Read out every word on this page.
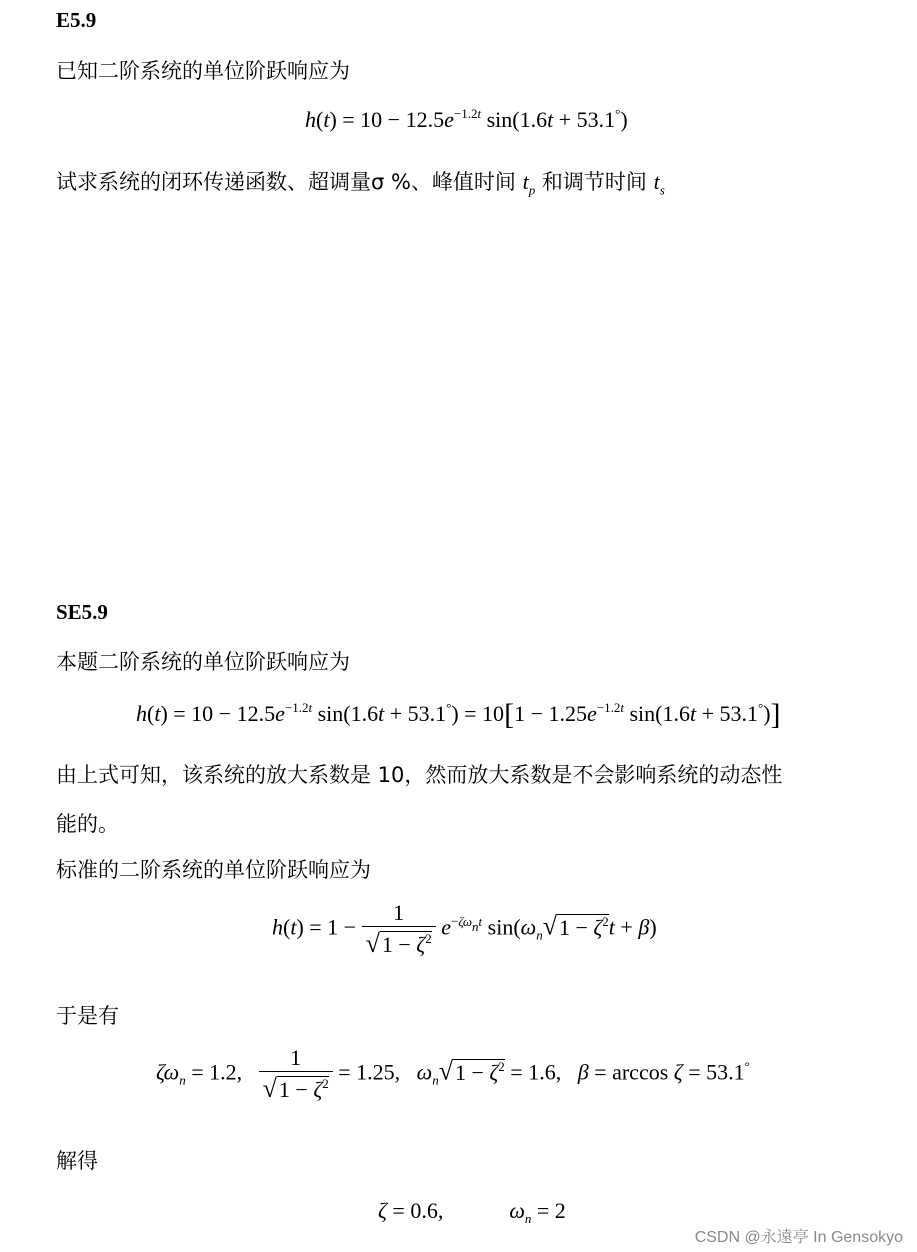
E5.9
已知二阶系统的单位阶跃响应为
$h(t) = 10 - 12.5e^{-1.2t}$ sin(1.6t + 53.1°)
试求系统的闭环传递函数、超调量σ %、峰值时间 $t_p$ 和调节时间 $t_s$
SE5.9
本题二阶系统的单位阶跃响应为
$h(t) = 10 - 12.5e^{-1.2t}$ $\sin(1.6t + 53.1^\circ) = 10[1 - 1.25e^{-1.2t}$ sin(1.6t + 53.1°)]
由上式可知，该系统的放大系数是 10，然而放大系数是不会影响系统的动态性
能的。
标准的二阶系统的单位阶跃响应为
$h(t) = 1 - \frac{1}{√1 - \zeta^2} e^{-\zeta\omega_nt}$ $\sin(\omega_n√1 - \zeta^2t + \beta)$
于是有
$\zeta\omega_n = 1.2$, $\frac{1}{√1 - \zeta^2} = 1.25$,   $\omega_n√1 - \zeta^2 = 1.6$,   β = arccos ζ = 53.1°
解得
ζ = 0.6,            $\omega_n = 2$
CSDN @永遠亭 In Gensokyo
